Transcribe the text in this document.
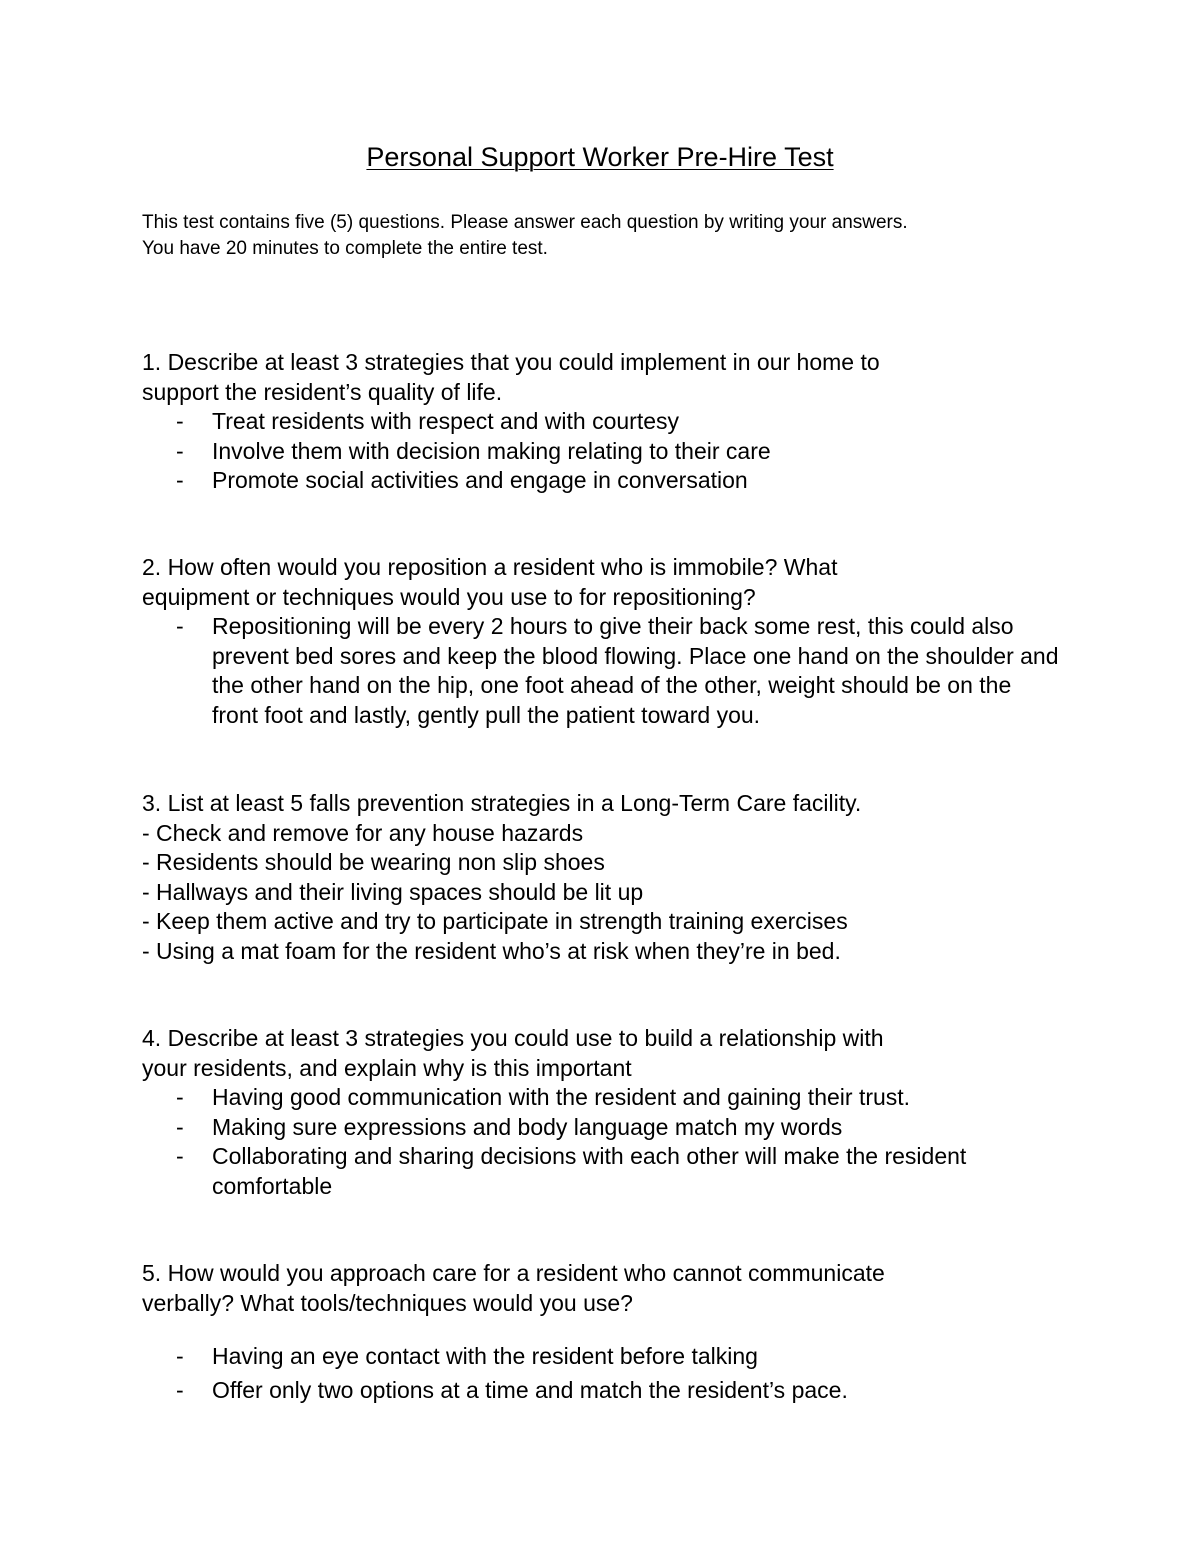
Personal Support Worker Pre-Hire Test
This test contains five (5) questions. Please answer each question by writing your answers.
You have 20 minutes to complete the entire test.
1. Describe at least 3 strategies that you could implement in our home to
support the resident’s quality of life.
- Treat residents with respect and with courtesy
- Involve them with decision making relating to their care
- Promote social activities and engage in conversation
2. How often would you reposition a resident who is immobile? What
equipment or techniques would you use to for repositioning?
- Repositioning will be every 2 hours to give their back some rest, this could also prevent bed sores and keep the blood flowing. Place one hand on the shoulder and the other hand on the hip, one foot ahead of the other, weight should be on the front foot and lastly, gently pull the patient toward you.
3. List at least 5 falls prevention strategies in a Long-Term Care facility.
- Check and remove for any house hazards
- Residents should be wearing non slip shoes
- Hallways and their living spaces should be lit up
- Keep them active and try to participate in strength training exercises
- Using a mat foam for the resident who’s at risk when they’re in bed.
4. Describe at least 3 strategies you could use to build a relationship with
your residents, and explain why is this important
- Having good communication with the resident and gaining their trust.
- Making sure expressions and body language match my words
- Collaborating and sharing decisions with each other will make the resident comfortable
5. How would you approach care for a resident who cannot communicate
verbally? What tools/techniques would you use?
- Having an eye contact with the resident before talking
- Offer only two options at a time and match the resident’s pace.
